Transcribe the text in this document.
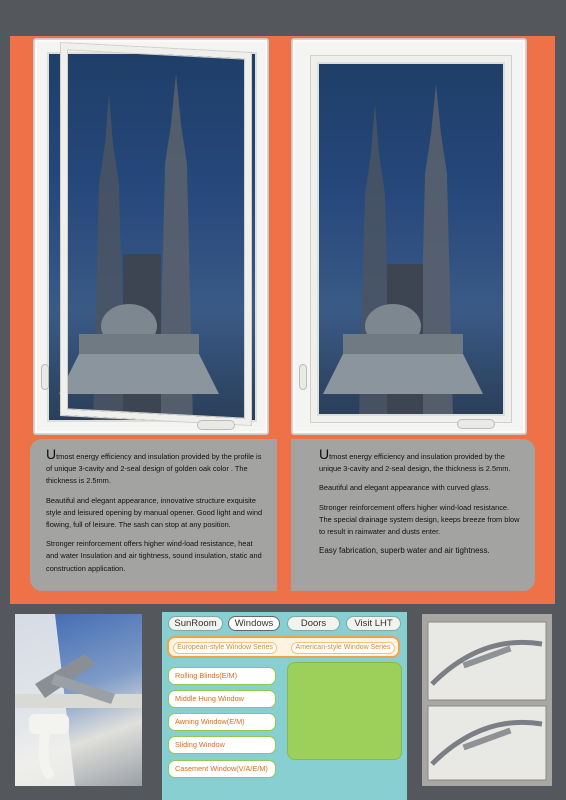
Utmost energy efficiency and insulation provided by the profile is of unique 3-cavity and 2-seal design of golden oak color . The thickness is 2.5mm.

Beautiful and elegant appearance, innovative structure exquisite style and leisured opening by manual opener. Good light and wind flowing, full of leisure. The sash can stop at any position.

Stronger reinforcement offers higher wind-load resistance, heat and water Insulation and air tightness, sound insulation, static and construction application.

Utmost energy efficiency and insulation provided by the unique 3-cavity and 2-seal design, the thickness is 2.5mm.

Beautiful and elegant appearance with curved glass.

Stronger reinforcement offers higher wind-load resistance. The special drainage system design, keeps breeze from blow to result in rainwater and dusts enter.

Easy fabrication, superb water and air tightness.

SunRoom	Windows	Doors	Visit LHT
European-style Window Series	American-style Window Series
Rolling Blinds(E/M)
Middle Hung Window
Awning Window(E/M)
Sliding Window
Casement Window(V/A/E/M)
